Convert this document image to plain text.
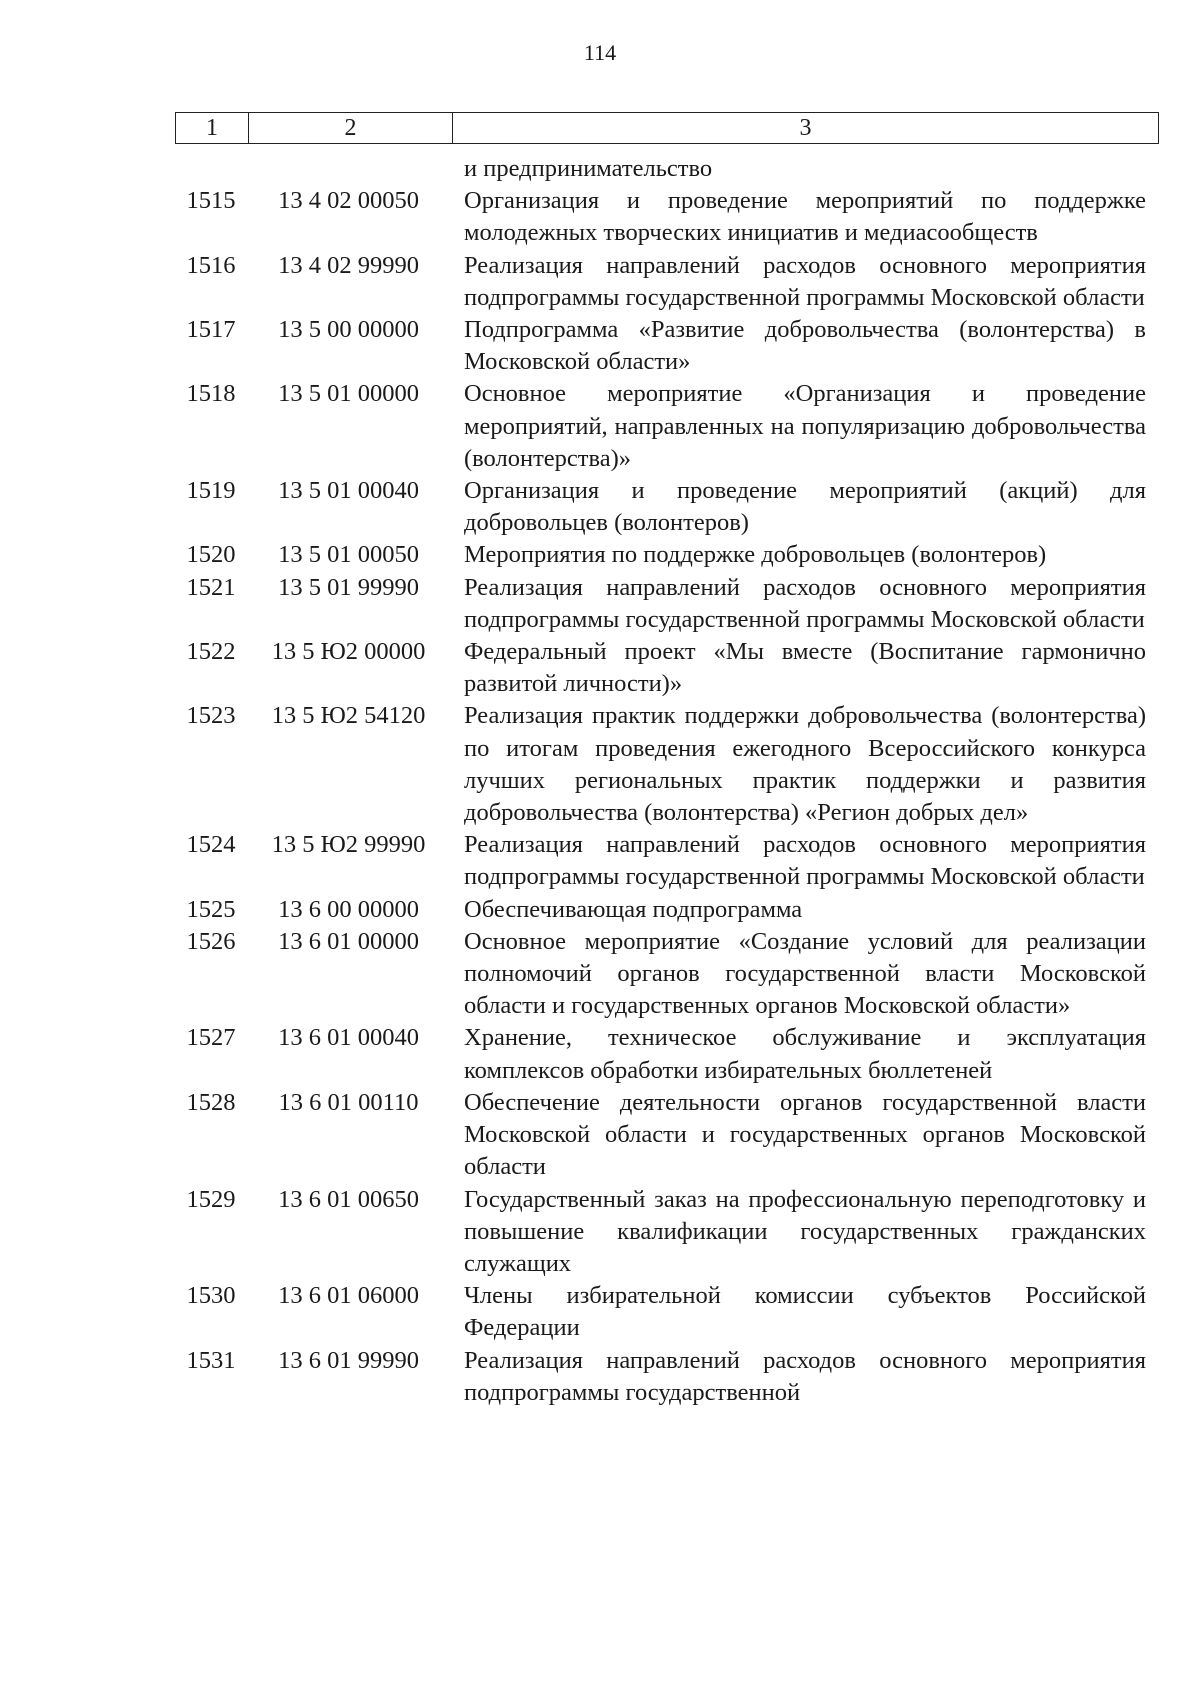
114
1	2	3

и предпринимательство

1515	13 4 02 00050	Организация и проведение мероприятий по поддержке молодежных творческих инициатив и медиасообществ

1516	13 4 02 99990	Реализация направлений расходов основного мероприятия подпрограммы государственной программы Московской области

1517	13 5 00 00000	Подпрограмма «Развитие добровольчества (волонтерства) в Московской области»

1518	13 5 01 00000	Основное мероприятие «Организация и проведение мероприятий, направленных на популяризацию добровольчества (волонтерства)»

1519	13 5 01 00040	Организация и проведение мероприятий (акций) для добровольцев (волонтеров)

1520	13 5 01 00050	Мероприятия по поддержке добровольцев (волонтеров)

1521	13 5 01 99990	Реализация направлений расходов основного мероприятия подпрограммы государственной программы Московской области

1522	13 5 Ю2 00000	Федеральный проект «Мы вместе (Воспитание гармонично развитой личности)»

1523	13 5 Ю2 54120	Реализация практик поддержки добровольчества (волонтерства) по итогам проведения ежегодного Всероссийского конкурса лучших региональных практик поддержки и развития добровольчества (волонтерства) «Регион добрых дел»

1524	13 5 Ю2 99990	Реализация направлений расходов основного мероприятия подпрограммы государственной программы Московской области

1525	13 6 00 00000	Обеспечивающая подпрограмма

1526	13 6 01 00000	Основное мероприятие «Создание условий для реализации полномочий органов государственной власти Московской области и государственных органов Московской области»

1527	13 6 01 00040	Хранение, техническое обслуживание и эксплуатация комплексов обработки избирательных бюллетеней

1528	13 6 01 00110	Обеспечение деятельности органов государственной власти Московской области и государственных органов Московской области

1529	13 6 01 00650	Государственный заказ на профессиональную переподготовку и повышение квалификации государственных гражданских служащих

1530	13 6 01 06000	Члены избирательной комиссии субъектов Российской Федерации

1531	13 6 01 99990	Реализация направлений расходов основного мероприятия подпрограммы государственной
